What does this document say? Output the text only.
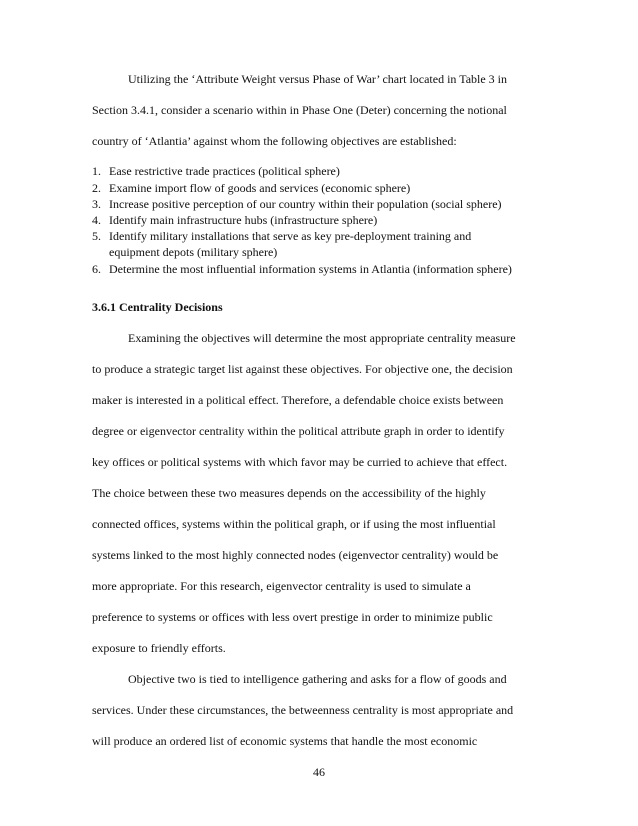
Utilizing the ‘Attribute Weight versus Phase of War’ chart located in Table 3 in
Section 3.4.1, consider a scenario within in Phase One (Deter) concerning the notional
country of ‘Atlantia’ against whom the following objectives are established:
1. Ease restrictive trade practices (political sphere)
2. Examine import flow of goods and services (economic sphere)
3. Increase positive perception of our country within their population (social sphere)
4. Identify main infrastructure hubs (infrastructure sphere)
5. Identify military installations that serve as key pre-deployment training and
equipment depots (military sphere)
6. Determine the most influential information systems in Atlantia (information sphere)
3.6.1 Centrality Decisions
Examining the objectives will determine the most appropriate centrality measure
to produce a strategic target list against these objectives. For objective one, the decision
maker is interested in a political effect. Therefore, a defendable choice exists between
degree or eigenvector centrality within the political attribute graph in order to identify
key offices or political systems with which favor may be curried to achieve that effect.
The choice between these two measures depends on the accessibility of the highly
connected offices, systems within the political graph, or if using the most influential
systems linked to the most highly connected nodes (eigenvector centrality) would be
more appropriate. For this research, eigenvector centrality is used to simulate a
preference to systems or offices with less overt prestige in order to minimize public
exposure to friendly efforts.
Objective two is tied to intelligence gathering and asks for a flow of goods and
services. Under these circumstances, the betweenness centrality is most appropriate and
will produce an ordered list of economic systems that handle the most economic
46
